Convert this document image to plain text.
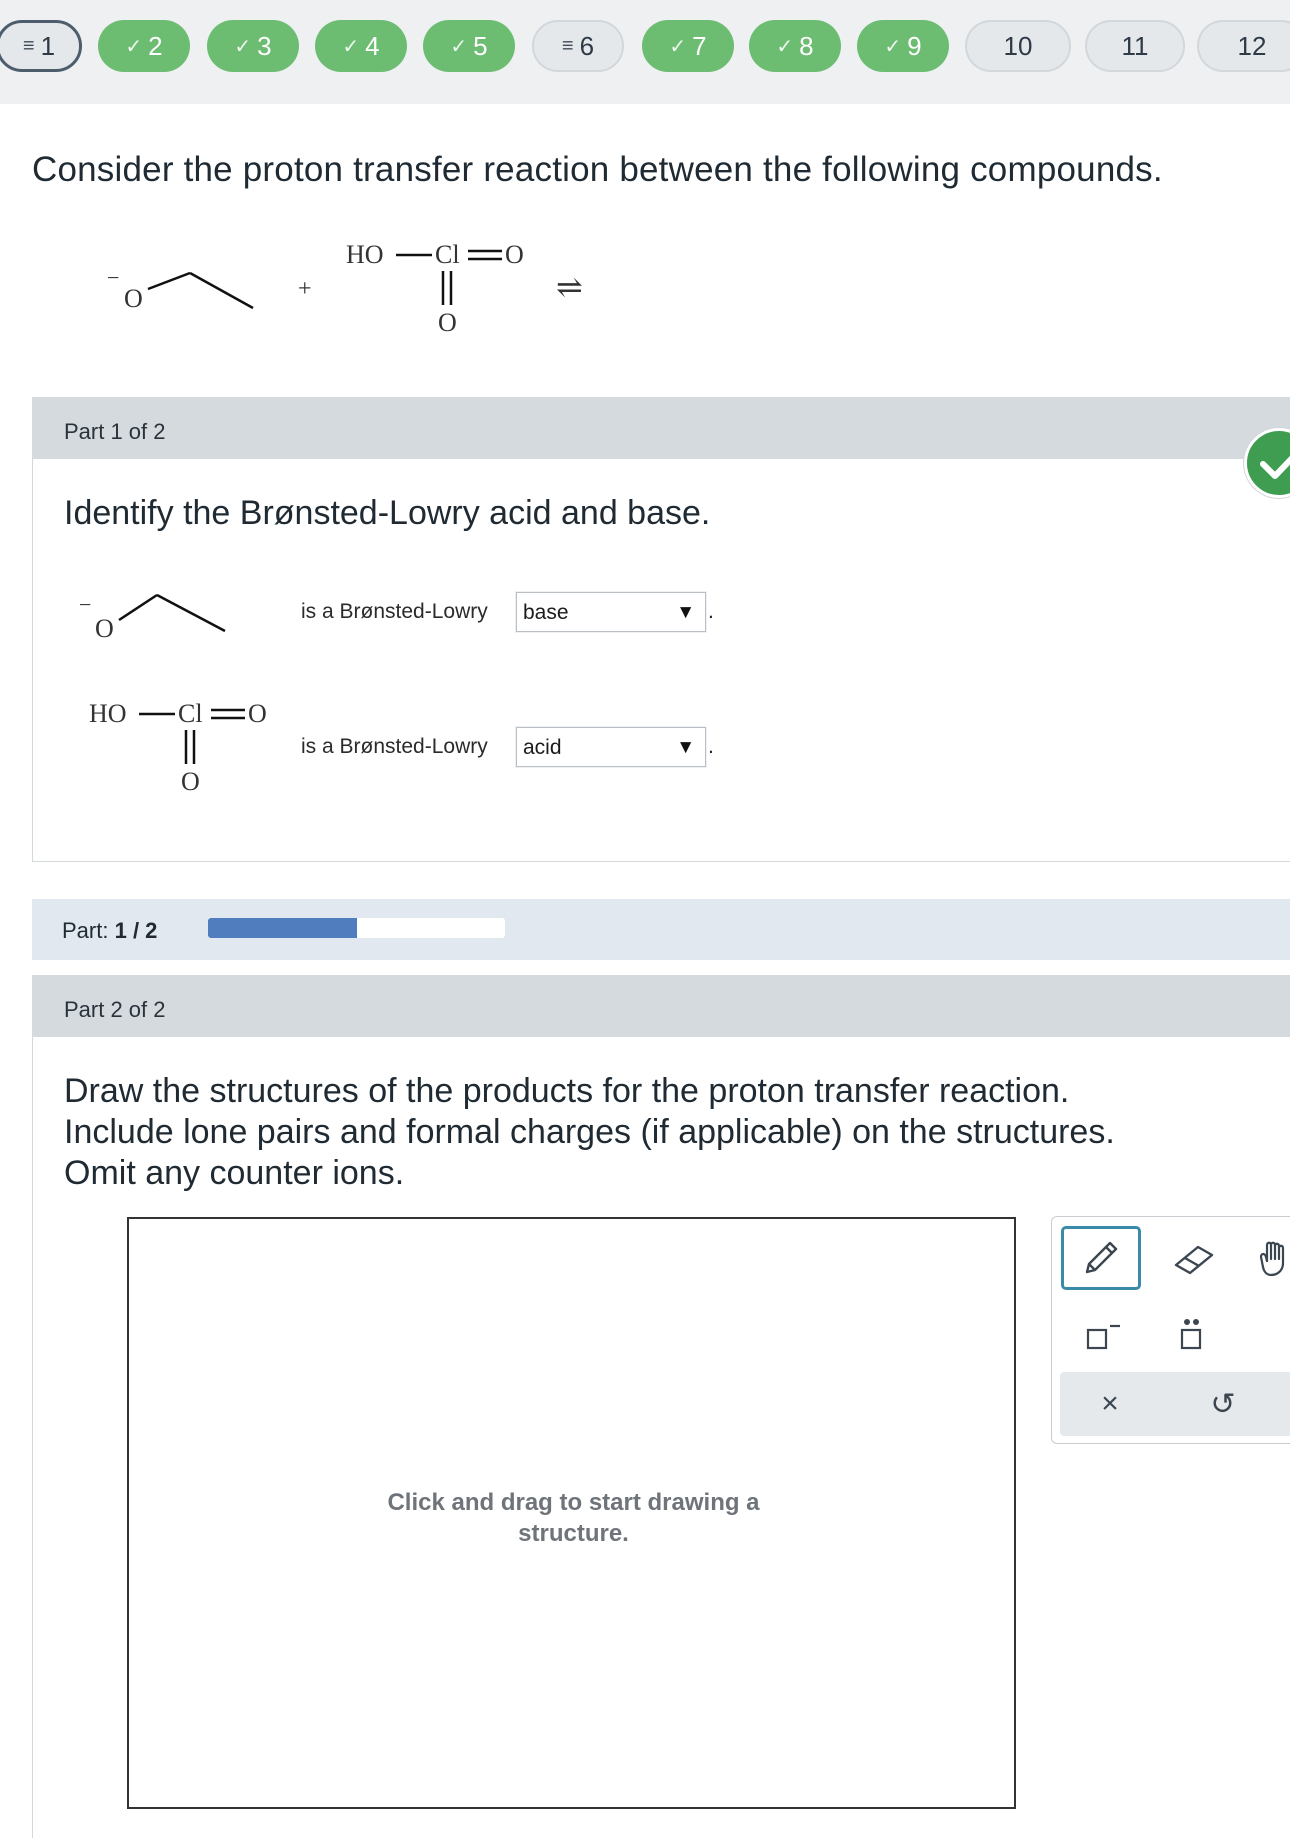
≡ 1	✓ 2	✓ 3	✓ 4	✓ 5	≡ 6	✓ 7	✓ 8	✓ 9	10	11	12
Consider the proton transfer reaction between the following compounds.
−
O	+
HO Cl O
O
⇌
Part 1 of 2
Identify the Brønsted-Lowry acid and base.
−
O
is a Brønsted-Lowry	base	▼ .
HO Cl O
O
is a Brønsted-Lowry	acid	▼ .
Part: 1 / 2
Part 2 of 2
Draw the structures of the products for the proton transfer reaction.
Include lone pairs and formal charges (if applicable) on the structures.
Omit any counter ions.
Click and drag to start drawing a
structure.
×	↺
